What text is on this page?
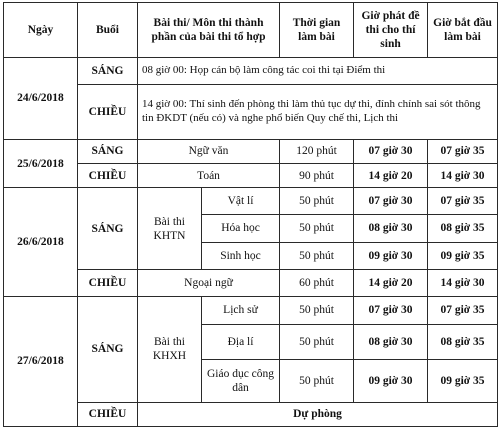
Ngày	Buổi	Bài thi/ Môn thi thành phần của bài thi tổ hợp		Thời gian làm bài	Giờ phát đề thi cho thí sinh	Giờ bắt đầu làm bài
24/6/2018	SÁNG	08 giờ 00: Họp cán bộ làm công tác coi thi tại Điểm thi				
	CHIỀU	14 giờ 00: Thí sinh đến phòng thi làm thủ tục dự thi, đính chính sai sót thông tin ĐKDT (nếu có) và nghe phổ biến Quy chế thi, Lịch thi				
25/6/2018	SÁNG	Ngữ văn		120 phút	07 giờ 30	07 giờ 35
	CHIỀU	Toán		90 phút	14 giờ 20	14 giờ 30
26/6/2018	SÁNG	Bài thi KHTN	Vật lí	50 phút	07 giờ 30	07 giờ 35
			Hóa học	50 phút	08 giờ 30	08 giờ 35
			Sinh học	50 phút	09 giờ 30	09 giờ 35
	CHIỀU	Ngoại ngữ		60 phút	14 giờ 20	14 giờ 30
27/6/2018	SÁNG	Bài thi KHXH	Lịch sử	50 phút	07 giờ 30	07 giờ 35
			Địa lí	50 phút	08 giờ 30	08 giờ 35
			Giáo dục công dân	50 phút	09 giờ 30	09 giờ 35
	CHIỀU	Dự phòng				
